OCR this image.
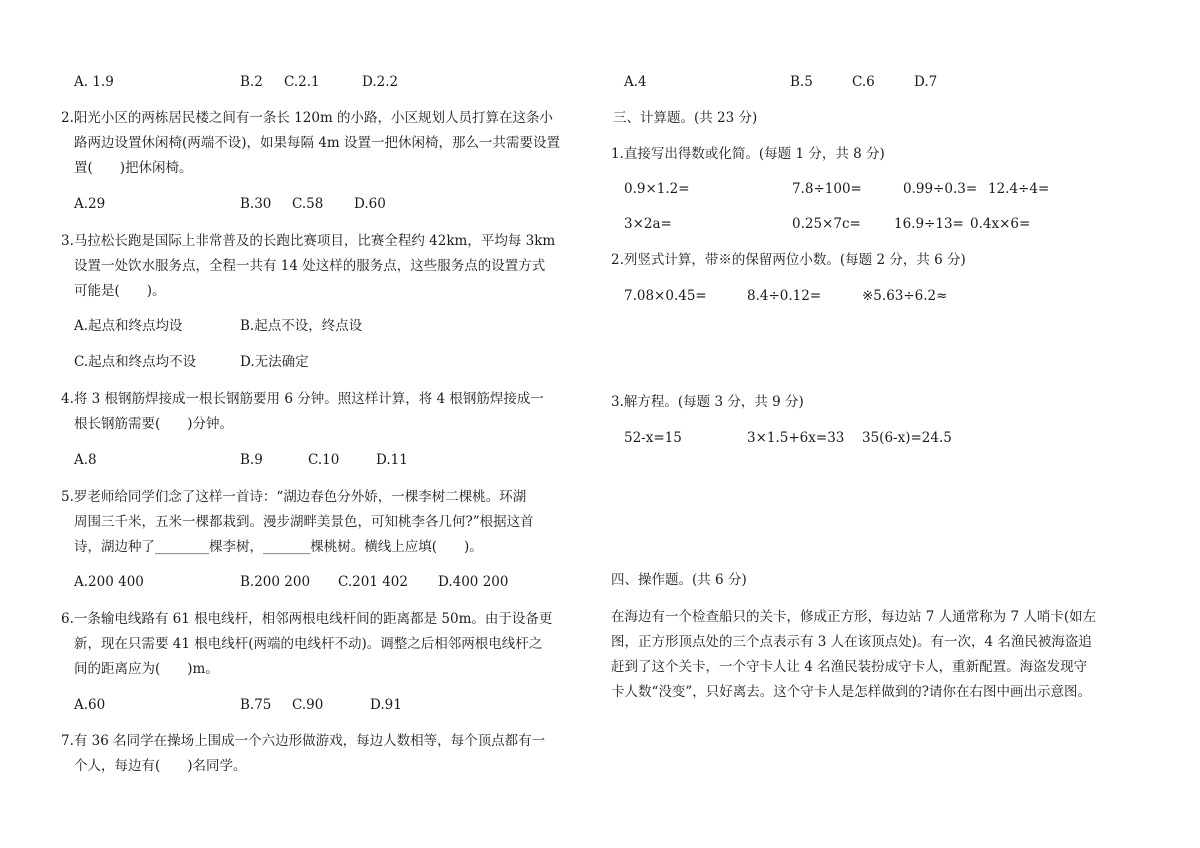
A. 1.9	B.2 C.2.1	D.2.2
2.阳光小区的两栋居民楼之间有一条长 120m 的小路，小区规划人员打算在这条小
路两边设置休闲椅(两端不设)，如果每隔 4m 设置一把休闲椅，那么一共需要设置
置(　　)把休闲椅。
A.29	B.30 C.58 D.60
3.马拉松长跑是国际上非常普及的长跑比赛项目，比赛全程约 42km，平均每 3km
设置一处饮水服务点，全程一共有 14 处这样的服务点，这些服务点的设置方式
可能是(　　)。
A.起点和终点均设	B.起点不设，终点设
C.起点和终点均不设	D.无法确定
4.将 3 根钢筋焊接成一根长钢筋要用 6 分钟。照这样计算，将 4 根钢筋焊接成一
根长钢筋需要(　　)分钟。
A.8	B.9	C.10	D.11
5.罗老师给同学们念了这样一首诗：“湖边春色分外娇，一棵李树二棵桃。环湖
周围三千米，五米一棵都栽到。漫步湖畔美景色，可知桃李各几何?”根据这首
诗，湖边种了________棵李树，_______棵桃树。横线上应填(　　)。
A.200 400	B.200 200 C.201 402 D.400 200
6.一条输电线路有 61 根电线杆，相邻两根电线杆间的距离都是 50m。由于设备更
新，现在只需要 41 根电线杆(两端的电线杆不动)。调整之后相邻两根电线杆之
间的距离应为(　　)m。
A.60	B.75 C.90	D.91
7.有 36 名同学在操场上围成一个六边形做游戏，每边人数相等，每个顶点都有一
个人，每边有(　　)名同学。
A.4	B.5	C.6	D.7
三、计算题。(共 23 分)
1.直接写出得数或化简。(每题 1 分，共 8 分)
0.9×1.2=	7.8÷100=	0.99÷0.3= 12.4÷4=
3×2a=	0.25×7c= 16.9÷13= 0.4x×6=
2.列竖式计算，带※的保留两位小数。(每题 2 分，共 6 分)
7.08×0.45=	8.4÷0.12=	※5.63÷6.2≈
3.解方程。(每题 3 分，共 9 分)
52-x=15	3×1.5+6x=33 35(6-x)=24.5
四、操作题。(共 6 分)
在海边有一个检查船只的关卡，修成正方形，每边站 7 人通常称为 7 人哨卡(如左
图，正方形顶点处的三个点表示有 3 人在该顶点处)。有一次，4 名渔民被海盗追
赶到了这个关卡，一个守卡人让 4 名渔民装扮成守卡人，重新配置。海盗发现守
卡人数“没变”，只好离去。这个守卡人是怎样做到的?请你在右图中画出示意图。
